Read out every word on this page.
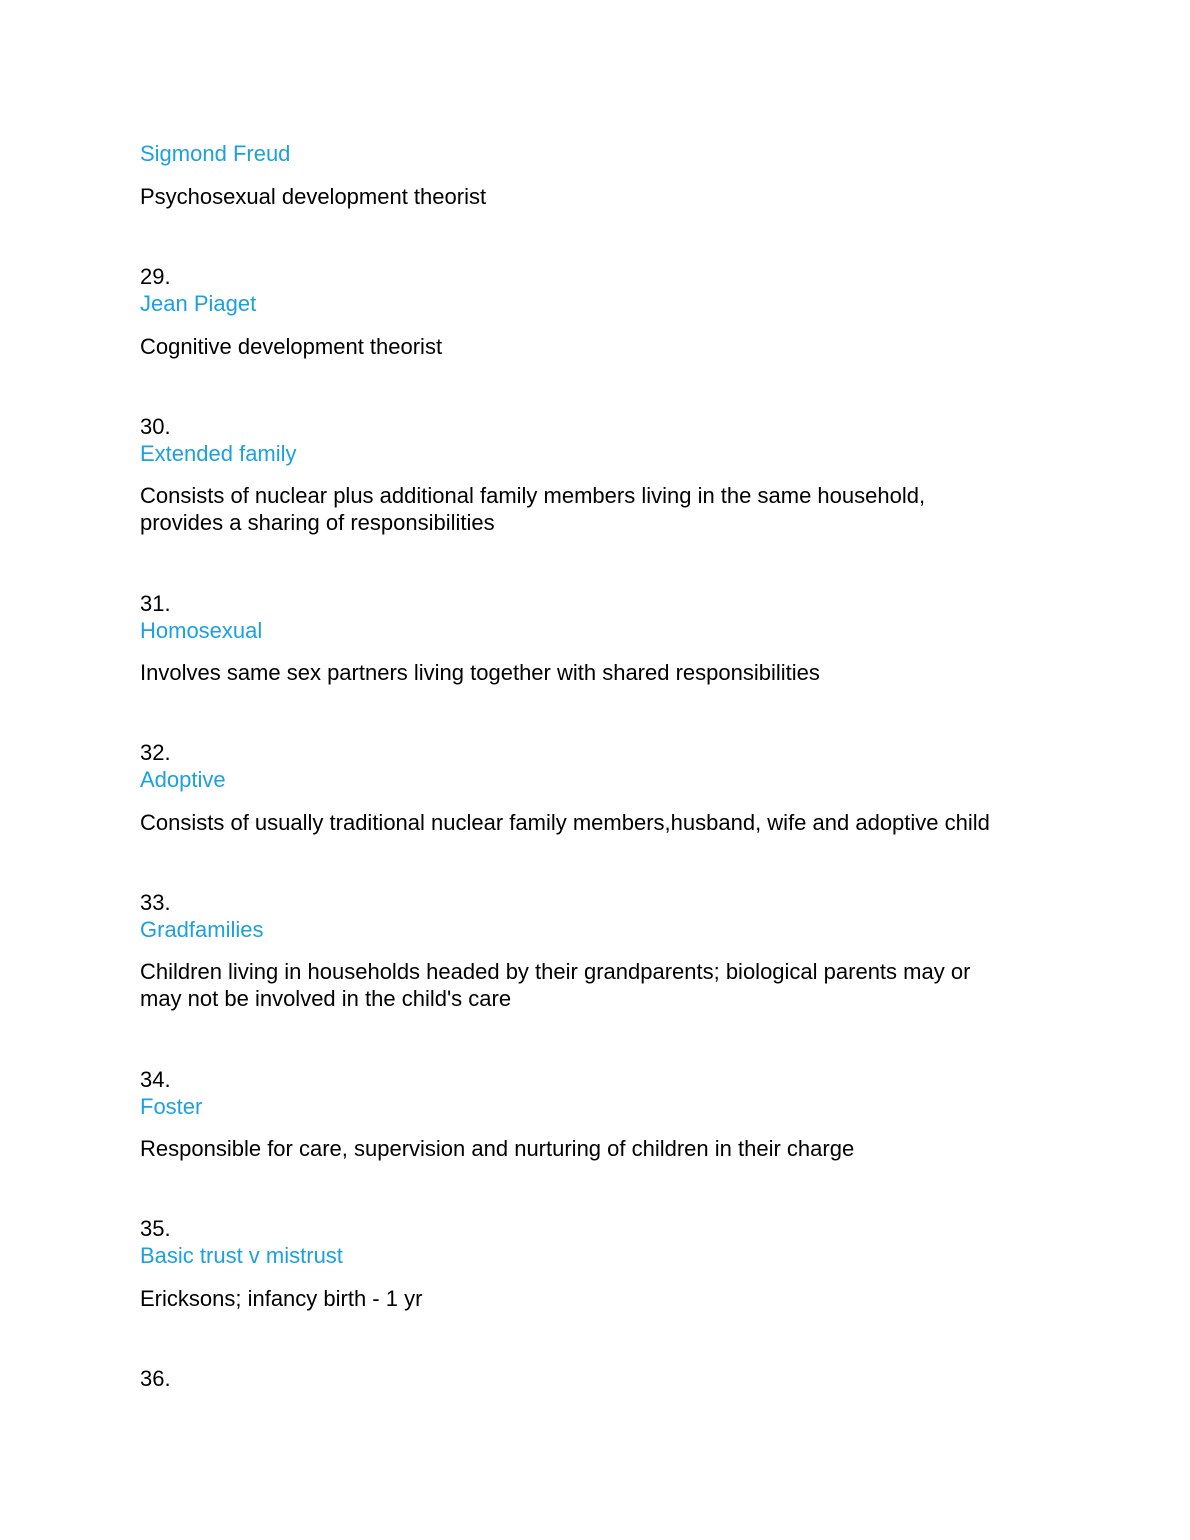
Sigmond Freud
Psychosexual development theorist
29.
Jean Piaget
Cognitive development theorist
30.
Extended family
Consists of nuclear plus additional family members living in the same household,
provides a sharing of responsibilities
31.
Homosexual
Involves same sex partners living together with shared responsibilities
32.
Adoptive
Consists of usually traditional nuclear family members,husband, wife and adoptive child
33.
Gradfamilies
Children living in households headed by their grandparents; biological parents may or
may not be involved in the child's care
34.
Foster
Responsible for care, supervision and nurturing of children in their charge
35.
Basic trust v mistrust
Ericksons; infancy birth - 1 yr
36.
